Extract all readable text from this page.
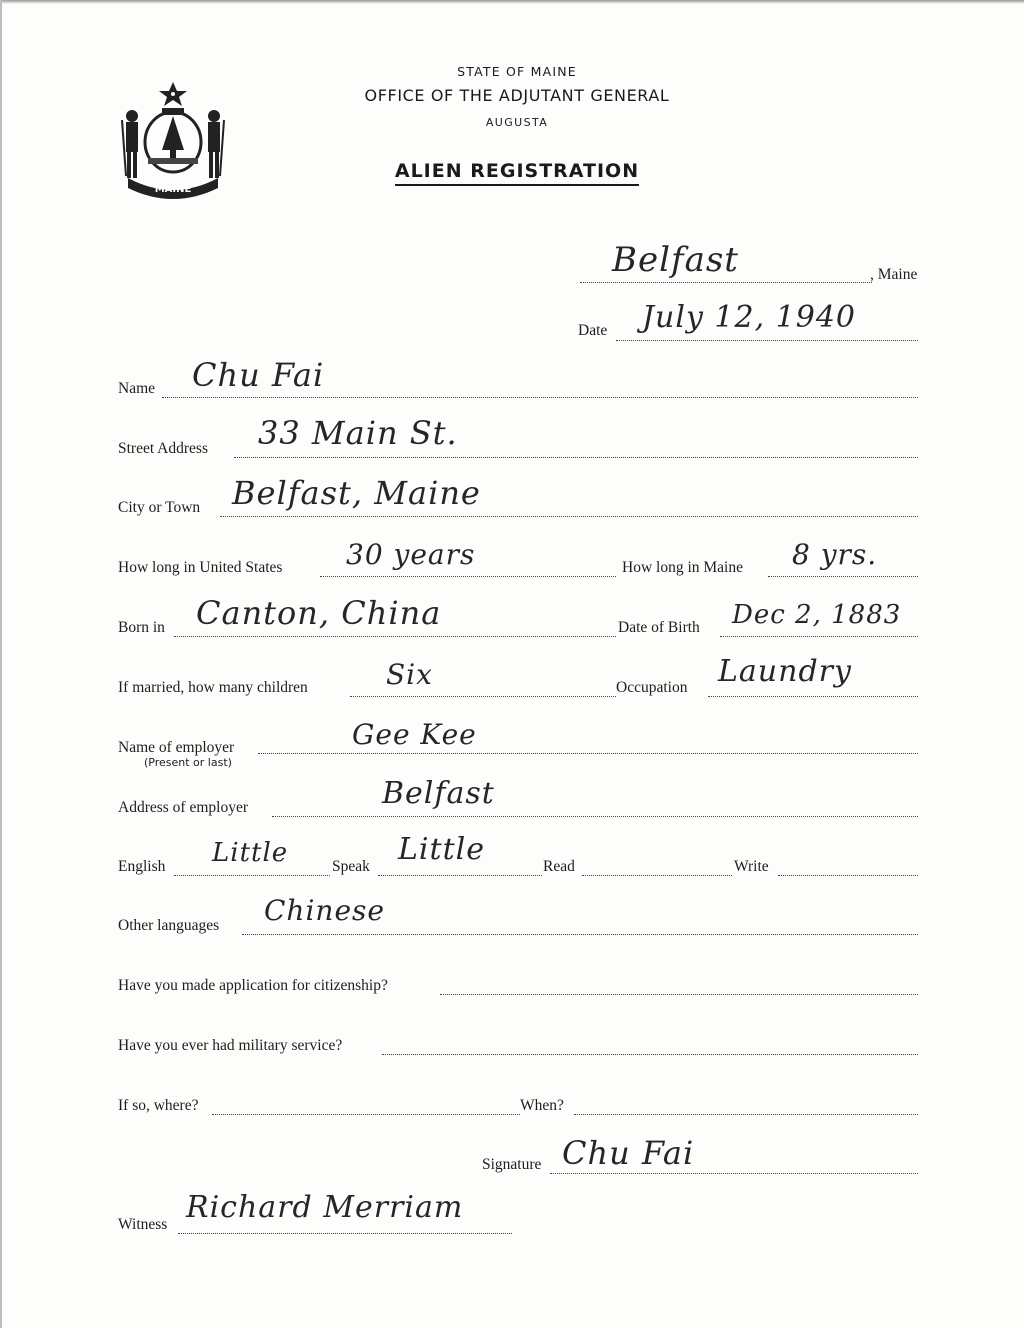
MAINE
STATE OF MAINE
OFFICE OF THE ADJUTANT GENERAL
AUGUSTA
ALIEN REGISTRATION
Belfast	, Maine
Date July 12, 1940
Name Chu Fai
Street Address 33 Main St.
City or Town Belfast, Maine
How long in United States 30 years	How long in Maine 8 yrs.
Born in Canton, China	Date of Birth Dec 2, 1883
If married, how many children	Six	Occupation Laundry
Name of employer
(Present or last)
Gee Kee
Address of employer	Belfast
English Little	Speak Little	Read	Write
Other languages Chinese
Have you made application for citizenship?
Have you ever had military service?
If so, where?	When?
Signature Chu Fai
Witness Richard Merriam
